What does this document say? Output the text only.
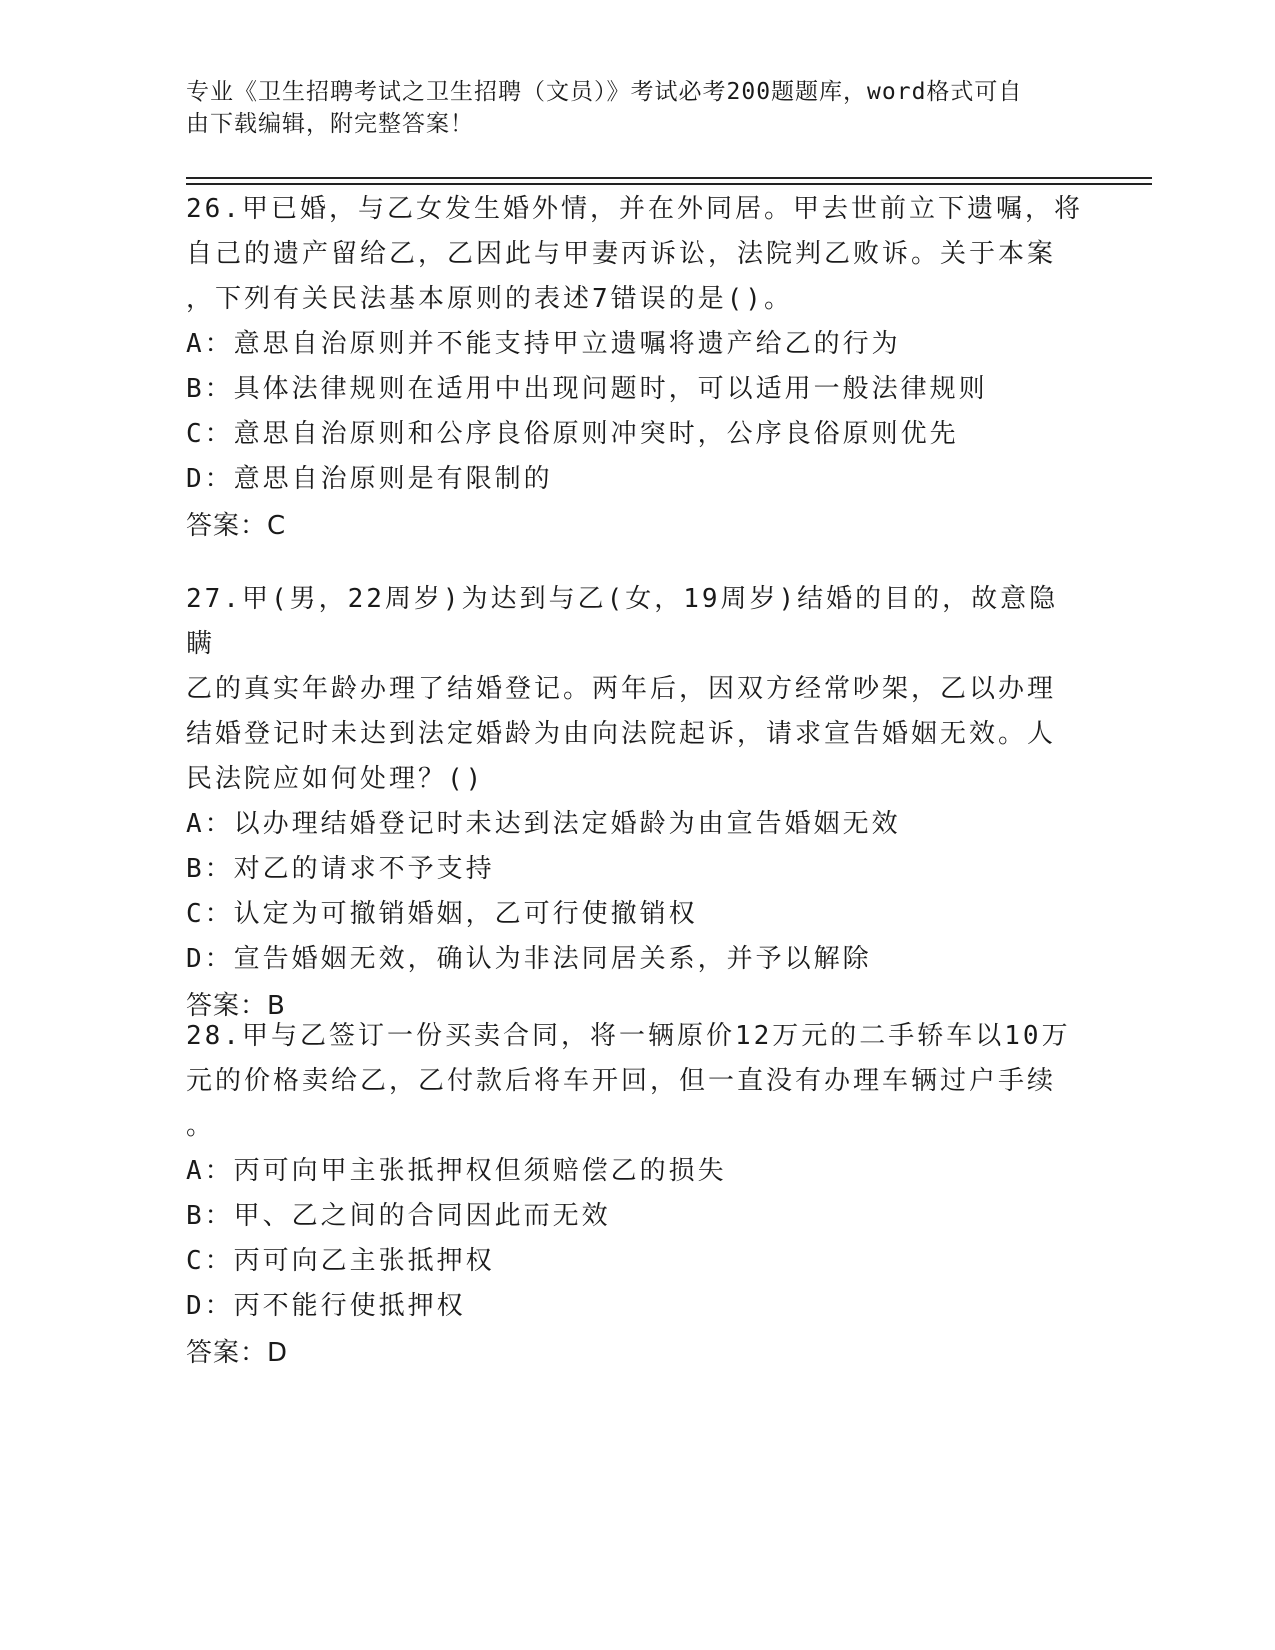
专业《卫生招聘考试之卫生招聘（文员）》考试必考200题题库，word格式可自
由下载编辑，附完整答案！
26.甲已婚，与乙女发生婚外情，并在外同居。甲去世前立下遗嘱，将
自己的遗产留给乙，乙因此与甲妻丙诉讼，法院判乙败诉。关于本案
，下列有关民法基本原则的表述7错误的是()。
A：意思自治原则并不能支持甲立遗嘱将遗产给乙的行为
B：具体法律规则在适用中出现问题时，可以适用一般法律规则
C：意思自治原则和公序良俗原则冲突时，公序良俗原则优先
D：意思自治原则是有限制的
答案：C
27.甲(男，22周岁)为达到与乙(女，19周岁)结婚的目的，故意隐瞒
乙的真实年龄办理了结婚登记。两年后，因双方经常吵架，乙以办理
结婚登记时未达到法定婚龄为由向法院起诉，请求宣告婚姻无效。人
民法院应如何处理？()
A：以办理结婚登记时未达到法定婚龄为由宣告婚姻无效
B：对乙的请求不予支持
C：认定为可撤销婚姻，乙可行使撤销权
D：宣告婚姻无效，确认为非法同居关系，并予以解除
答案：B
28.甲与乙签订一份买卖合同，将一辆原价12万元的二手轿车以10万
元的价格卖给乙，乙付款后将车开回，但一直没有办理车辆过户手续
。
A：丙可向甲主张抵押权但须赔偿乙的损失
B：甲、乙之间的合同因此而无效
C：丙可向乙主张抵押权
D：丙不能行使抵押权
答案：D
